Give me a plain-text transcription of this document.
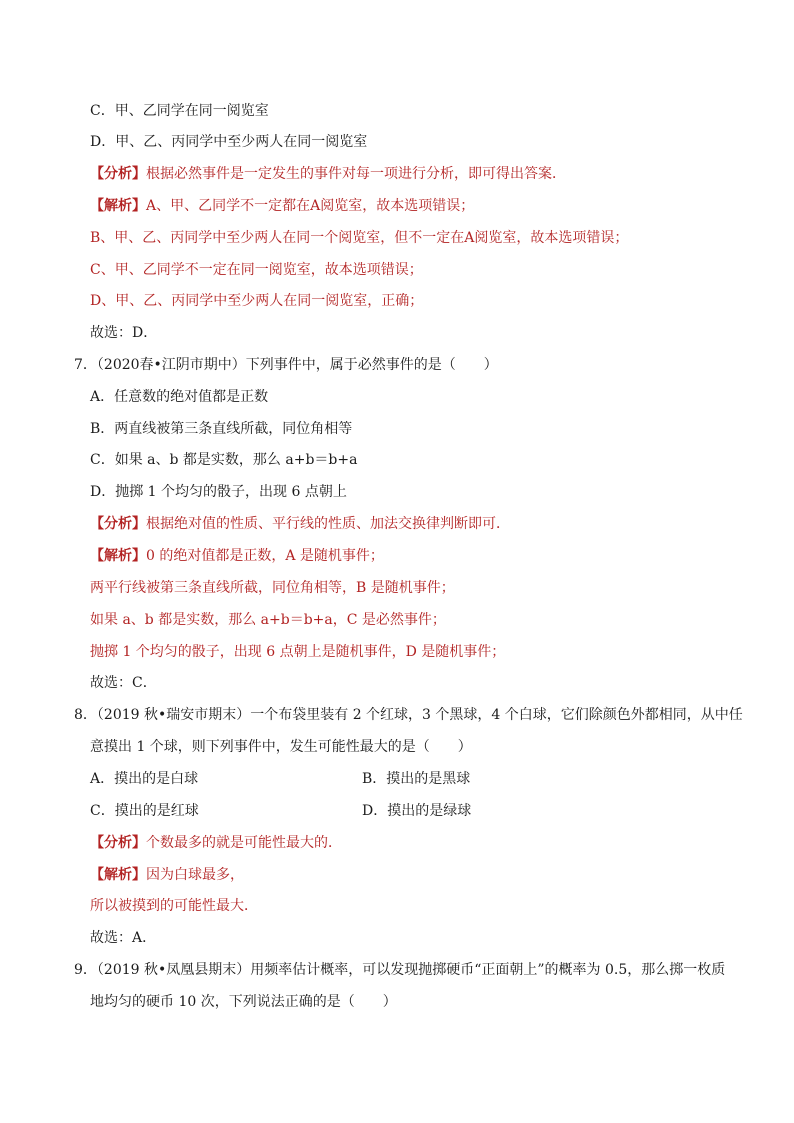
C．甲、乙同学在同一阅览室
D．甲、乙、丙同学中至少两人在同一阅览室
【分析】根据必然事件是一定发生的事件对每一项进行分析，即可得出答案．
【解析】A、甲、乙同学不一定都在A阅览室，故本选项错误；
B、甲、乙、丙同学中至少两人在同一个阅览室，但不一定在A阅览室，故本选项错误；
C、甲、乙同学不一定在同一阅览室，故本选项错误；
D、甲、乙、丙同学中至少两人在同一阅览室，正确；
故选：D．
7．（2020春•江阴市期中）下列事件中，属于必然事件的是（　　）
A．任意数的绝对值都是正数
B．两直线被第三条直线所截，同位角相等
C．如果 a、b 都是实数，那么 a+b＝b+a
D．抛掷 1 个均匀的骰子，出现 6 点朝上
【分析】根据绝对值的性质、平行线的性质、加法交换律判断即可．
【解析】0 的绝对值都是正数，A 是随机事件；
两平行线被第三条直线所截，同位角相等，B 是随机事件；
如果 a、b 都是实数，那么 a+b＝b+a，C 是必然事件；
抛掷 1 个均匀的骰子，出现 6 点朝上是随机事件，D 是随机事件；
故选：C．
8．（2019 秋•瑞安市期末）一个布袋里装有 2 个红球，3 个黑球，4 个白球，它们除颜色外都相同，从中任
意摸出 1 个球，则下列事件中，发生可能性最大的是（　　）
A．摸出的是白球	B．摸出的是黑球
C．摸出的是红球	D．摸出的是绿球
【分析】个数最多的就是可能性最大的．
【解析】因为白球最多，
所以被摸到的可能性最大．
故选：A．
9．（2019 秋•凤凰县期末）用频率估计概率，可以发现抛掷硬币“正面朝上”的概率为 0.5，那么掷一枚质
地均匀的硬币 10 次，下列说法正确的是（　　）
